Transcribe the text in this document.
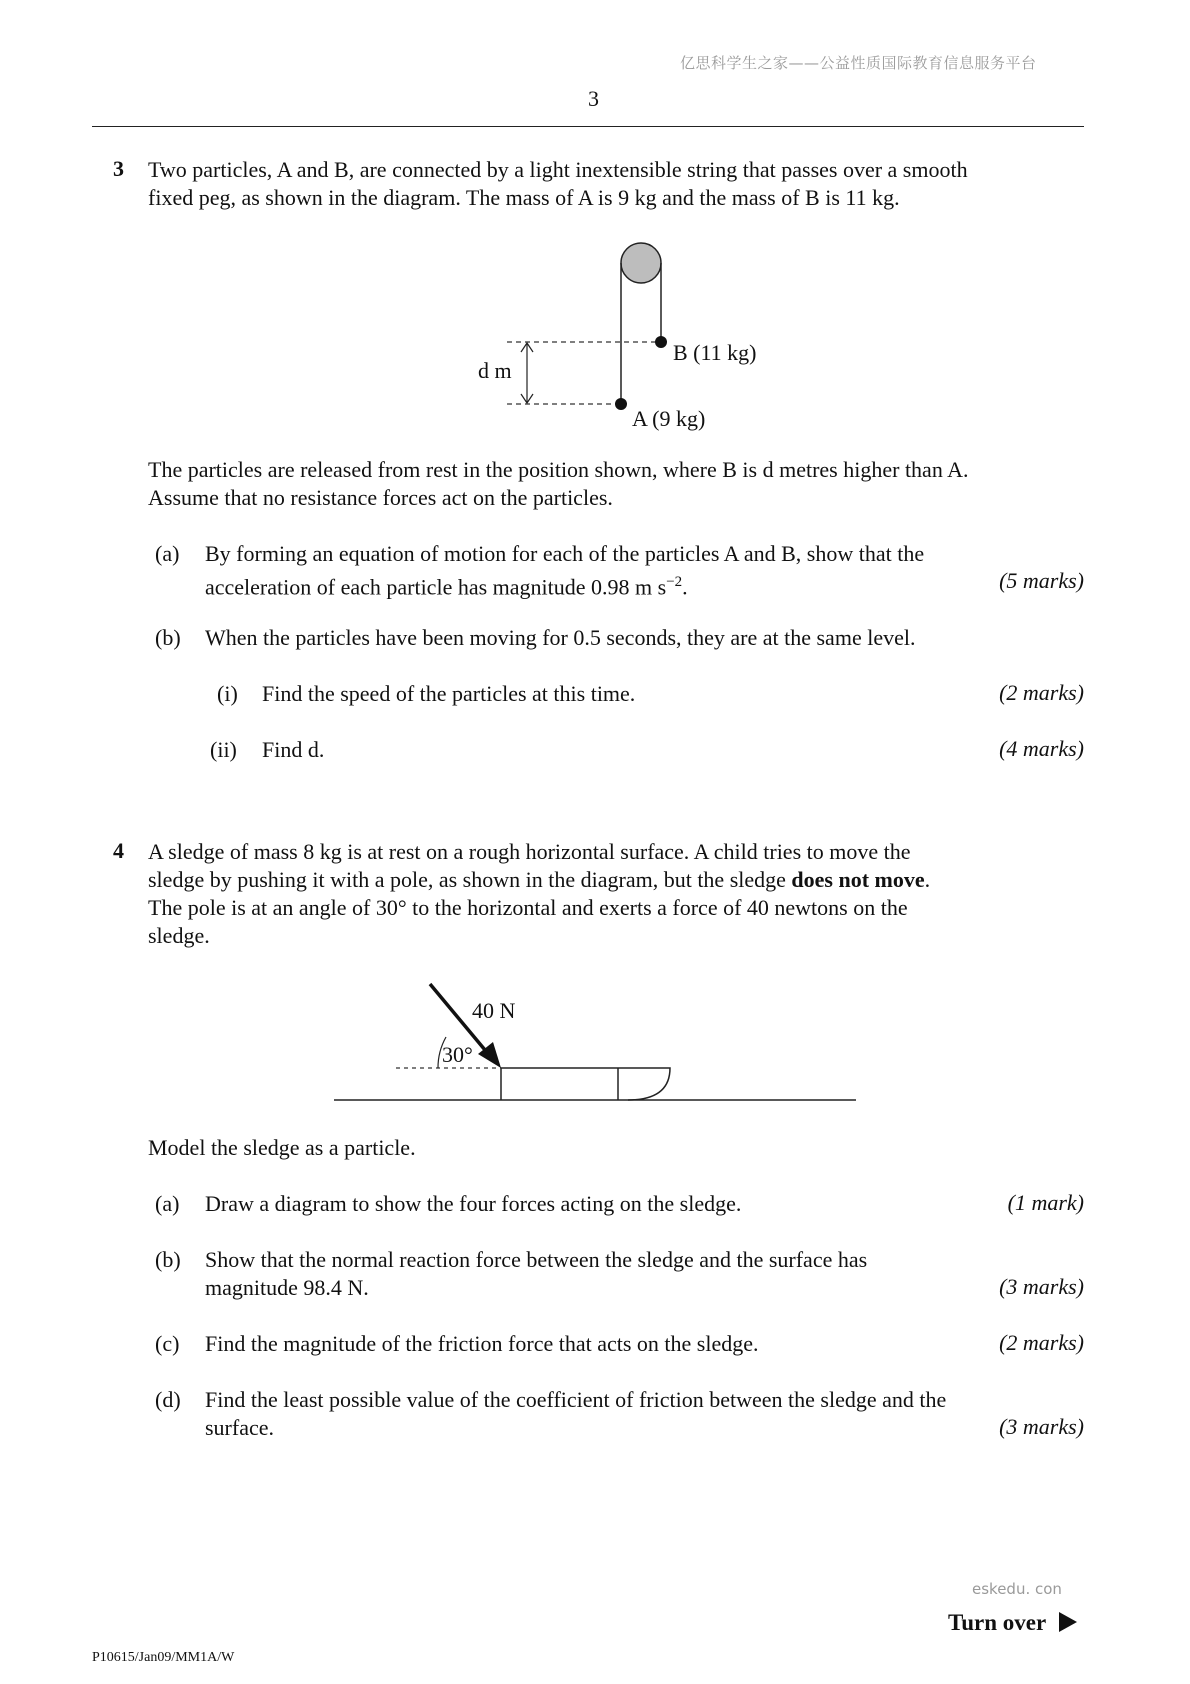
亿思科学生之家——公益性质国际教育信息服务平台
3
3 Two particles, A and B, are connected by a light inextensible string that passes over a smooth
fixed peg, as shown in the diagram. The mass of A is 9 kg and the mass of B is 11 kg.
B (11 kg)
A (9 kg)
d m
The particles are released from rest in the position shown, where B is d metres higher than A.
Assume that no resistance forces act on the particles.
(a) By forming an equation of motion for each of the particles A and B, show that the
acceleration of each particle has magnitude 0.98 m $s^{-2}$.	(5 marks)
(b) When the particles have been moving for 0.5 seconds, they are at the same level.
(i) Find the speed of the particles at this time.	(2 marks)
(ii) Find d.	(4 marks)
4 A sledge of mass 8 kg is at rest on a rough horizontal surface. A child tries to move the
sledge by pushing it with a pole, as shown in the diagram, but the sledge does not move.
The pole is at an angle of 30° to the horizontal and exerts a force of 40 newtons on the
sledge.
40 N
30°
Model the sledge as a particle.
(a) Draw a diagram to show the four forces acting on the sledge.	(1 mark)
(b) Show that the normal reaction force between the sledge and the surface has
magnitude 98.4 N.	(3 marks)
(c) Find the magnitude of the friction force that acts on the sledge.	(2 marks)
(d) Find the least possible value of the coefficient of friction between the sledge and the
surface.	(3 marks)
eskedu. con
Turn over
P10615/Jan09/MM1A/W
